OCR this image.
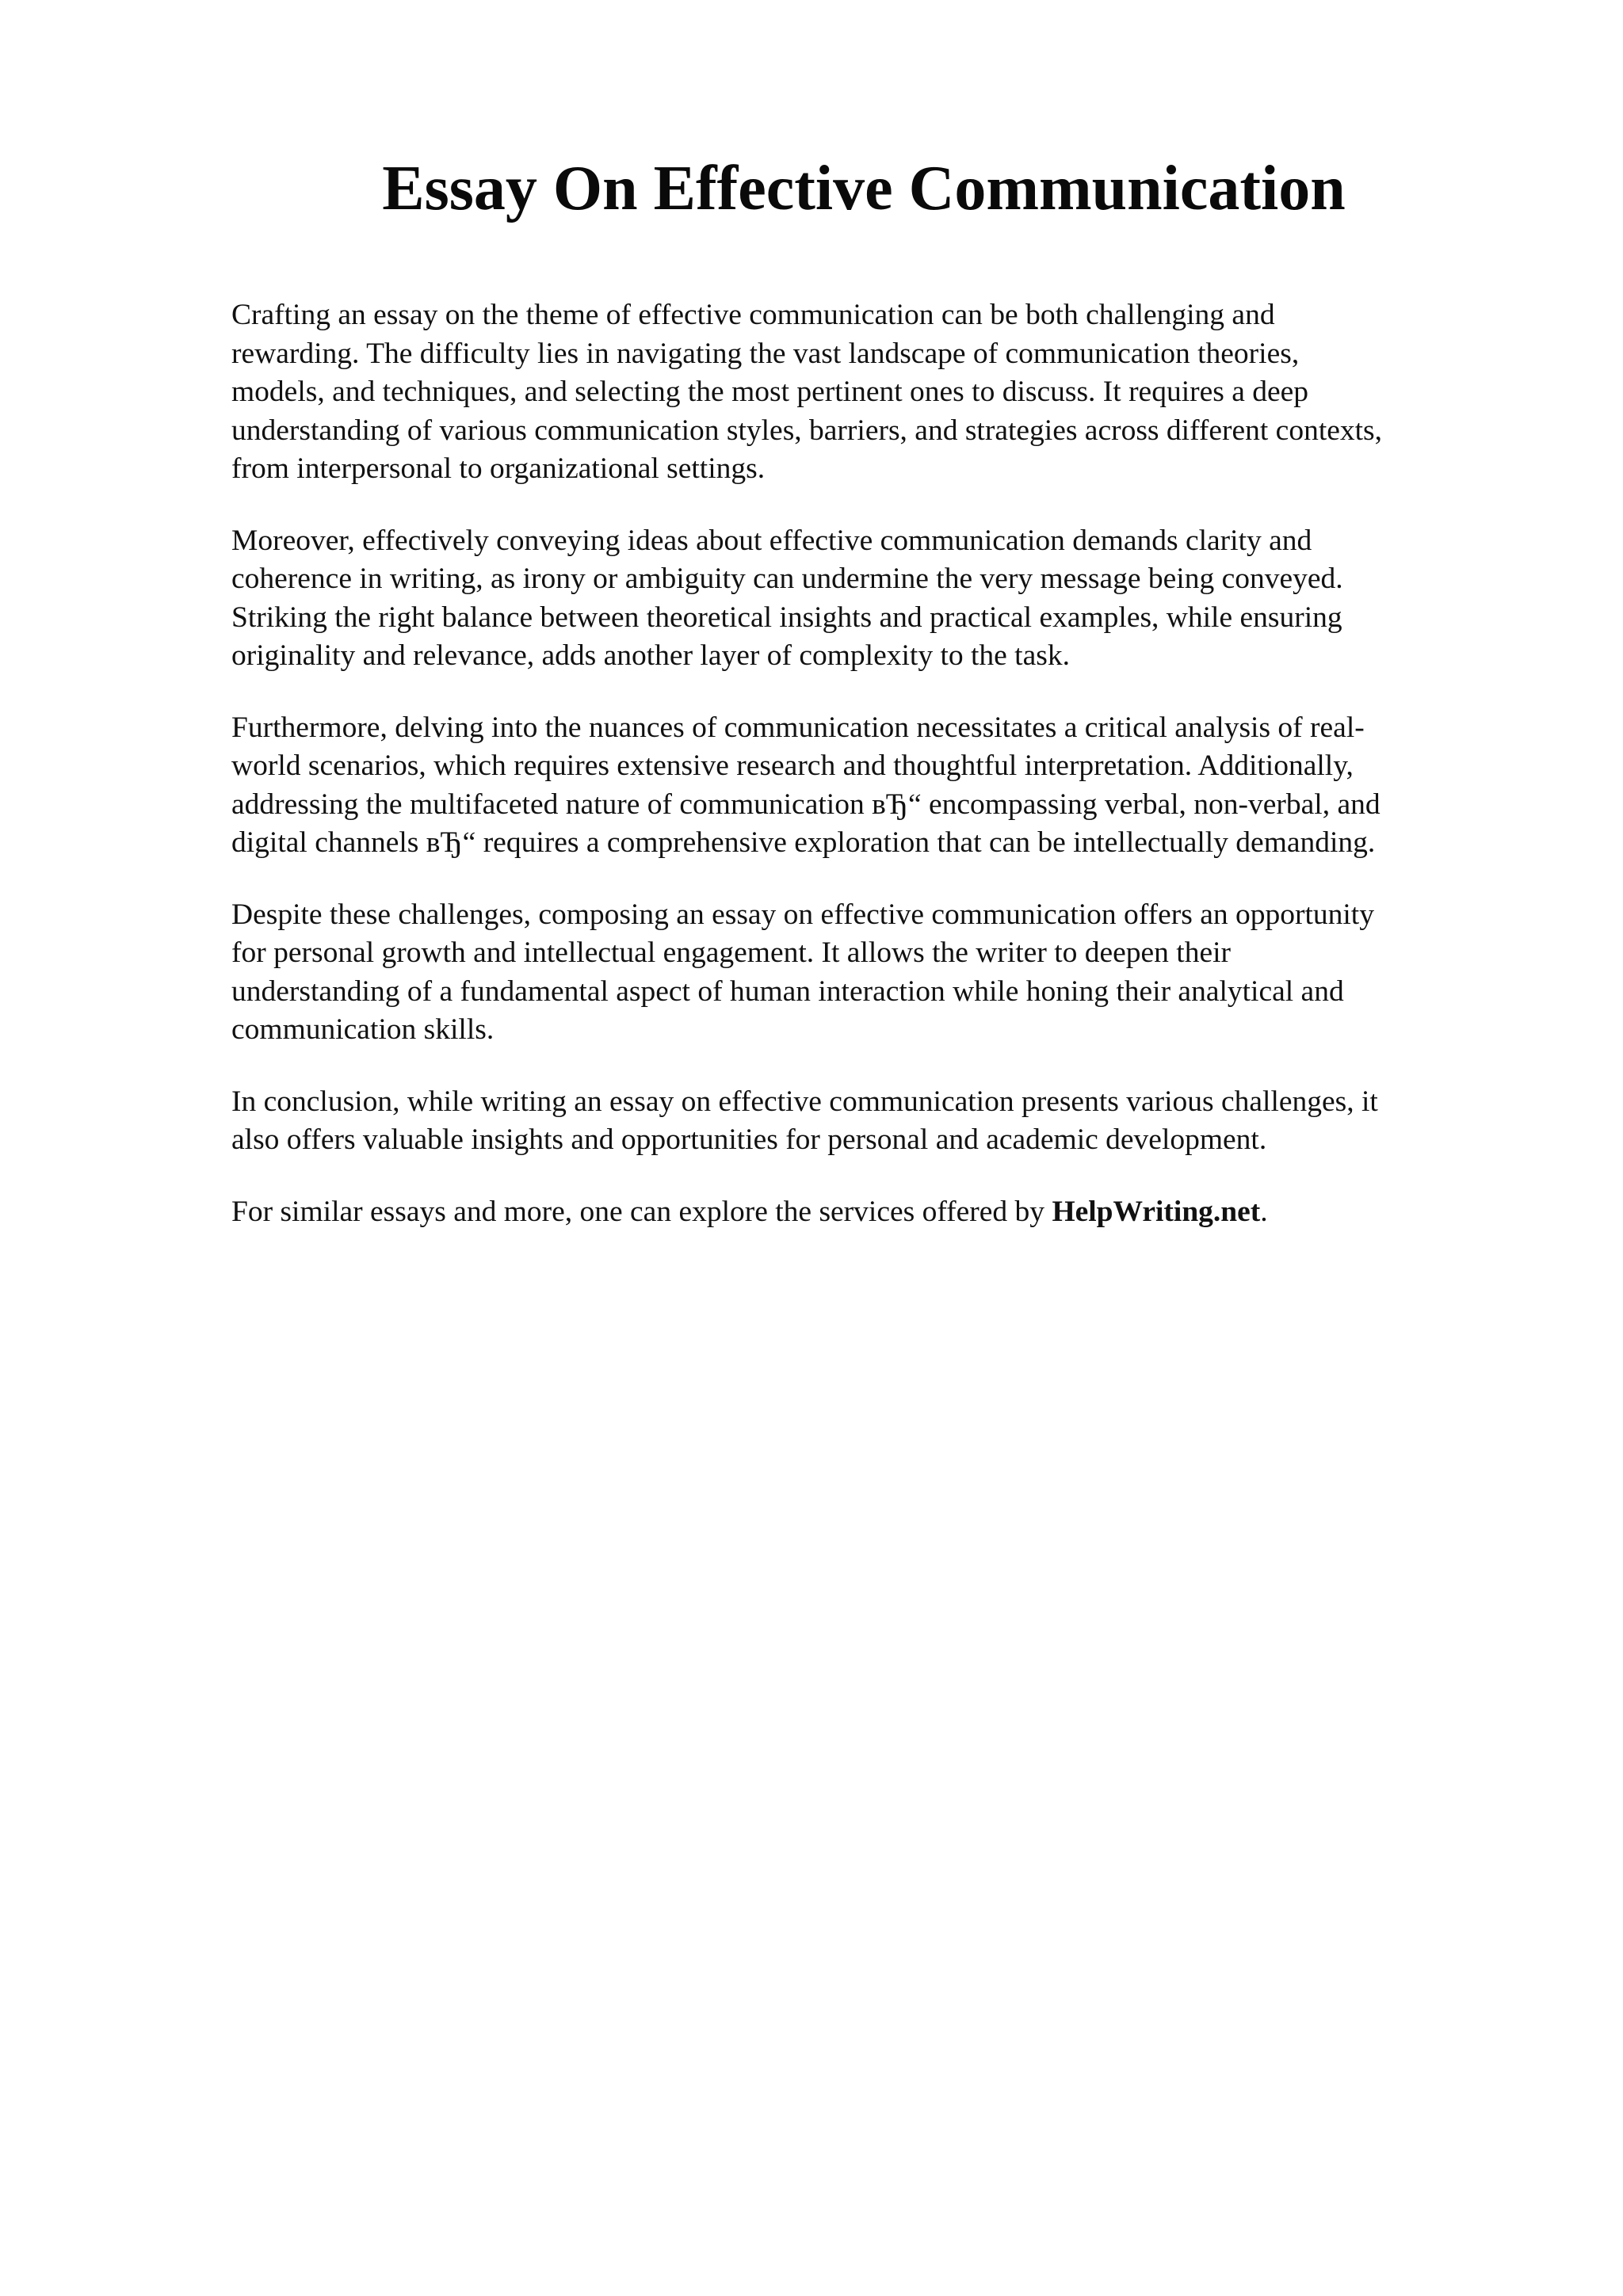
Essay On Effective Communication

Crafting an essay on the theme of effective communication can be both challenging and
rewarding. The difficulty lies in navigating the vast landscape of communication theories,
models, and techniques, and selecting the most pertinent ones to discuss. It requires a deep
understanding of various communication styles, barriers, and strategies across different contexts,
from interpersonal to organizational settings.

Moreover, effectively conveying ideas about effective communication demands clarity and
coherence in writing, as irony or ambiguity can undermine the very message being conveyed.
Striking the right balance between theoretical insights and practical examples, while ensuring
originality and relevance, adds another layer of complexity to the task.

Furthermore, delving into the nuances of communication necessitates a critical analysis of real-
world scenarios, which requires extensive research and thoughtful interpretation. Additionally,
addressing the multifaceted nature of communication вЂ“ encompassing verbal, non-verbal, and
digital channels вЂ“ requires a comprehensive exploration that can be intellectually demanding.

Despite these challenges, composing an essay on effective communication offers an opportunity
for personal growth and intellectual engagement. It allows the writer to deepen their
understanding of a fundamental aspect of human interaction while honing their analytical and
communication skills.

In conclusion, while writing an essay on effective communication presents various challenges, it
also offers valuable insights and opportunities for personal and academic development.

For similar essays and more, one can explore the services offered by HelpWriting.net.
